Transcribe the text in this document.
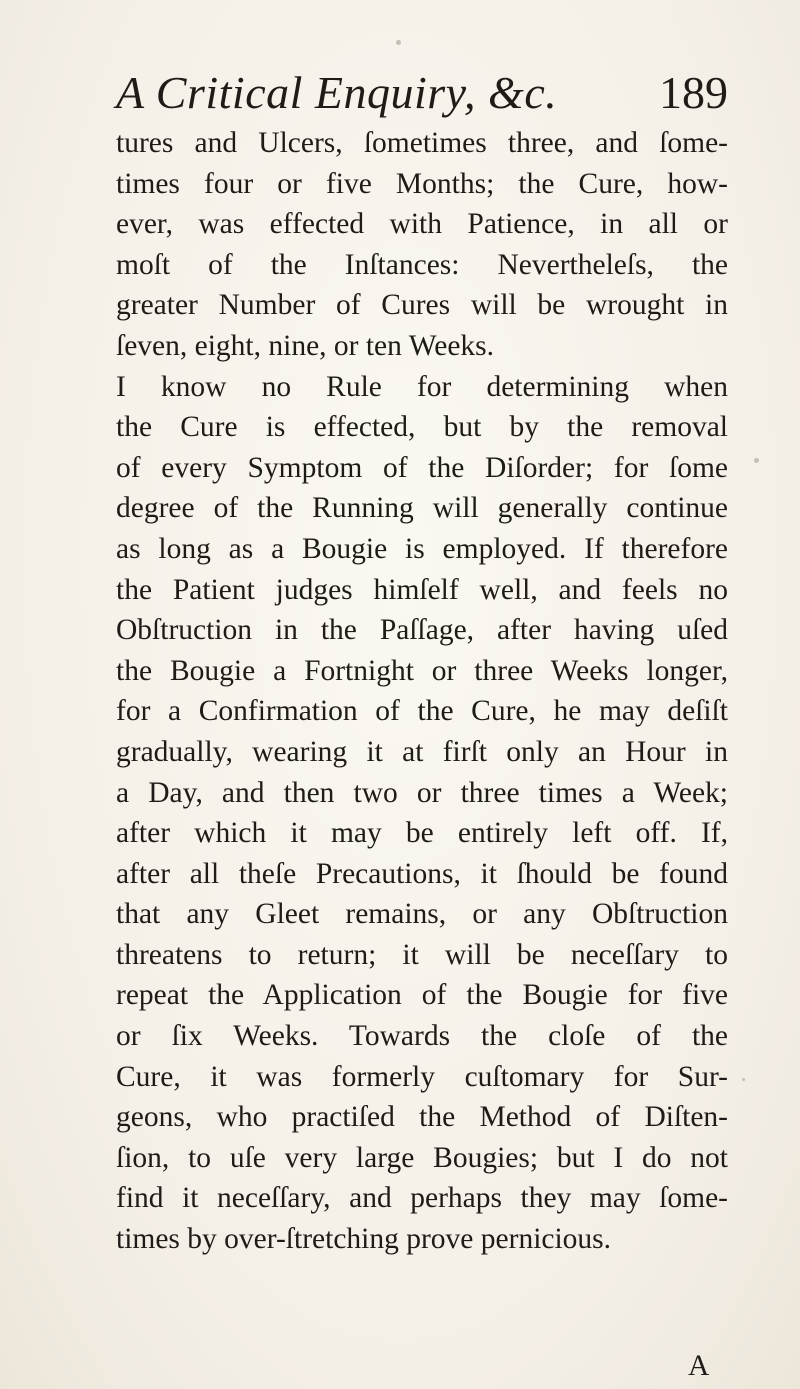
A Critical Enquiry, &c. 189
tures and Ulcers, ſometimes three, and ſome-
times four or five Months; the Cure, how-
ever, was effected with Patience, in all or
moſt of the Inſtances: Nevertheleſs, the
greater Number of Cures will be wrought in
ſeven, eight, nine, or ten Weeks.
I know no Rule for determining when
the Cure is effected, but by the removal
of every Symptom of the Diſorder; for ſome
degree of the Running will generally continue
as long as a Bougie is employed. If therefore
the Patient judges himſelf well, and feels no
Obſtruction in the Paſſage, after having uſed
the Bougie a Fortnight or three Weeks longer,
for a Confirmation of the Cure, he may deſiſt
gradually, wearing it at firſt only an Hour in
a Day, and then two or three times a Week;
after which it may be entirely left off. If,
after all theſe Precautions, it ſhould be found
that any Gleet remains, or any Obſtruction
threatens to return; it will be neceſſary to
repeat the Application of the Bougie for five
or ſix Weeks. Towards the cloſe of the
Cure, it was formerly cuſtomary for Sur-
geons, who practiſed the Method of Diſten-
ſion, to uſe very large Bougies; but I do not
find it neceſſary, and perhaps they may ſome-
times by over-ſtretching prove pernicious.
A
